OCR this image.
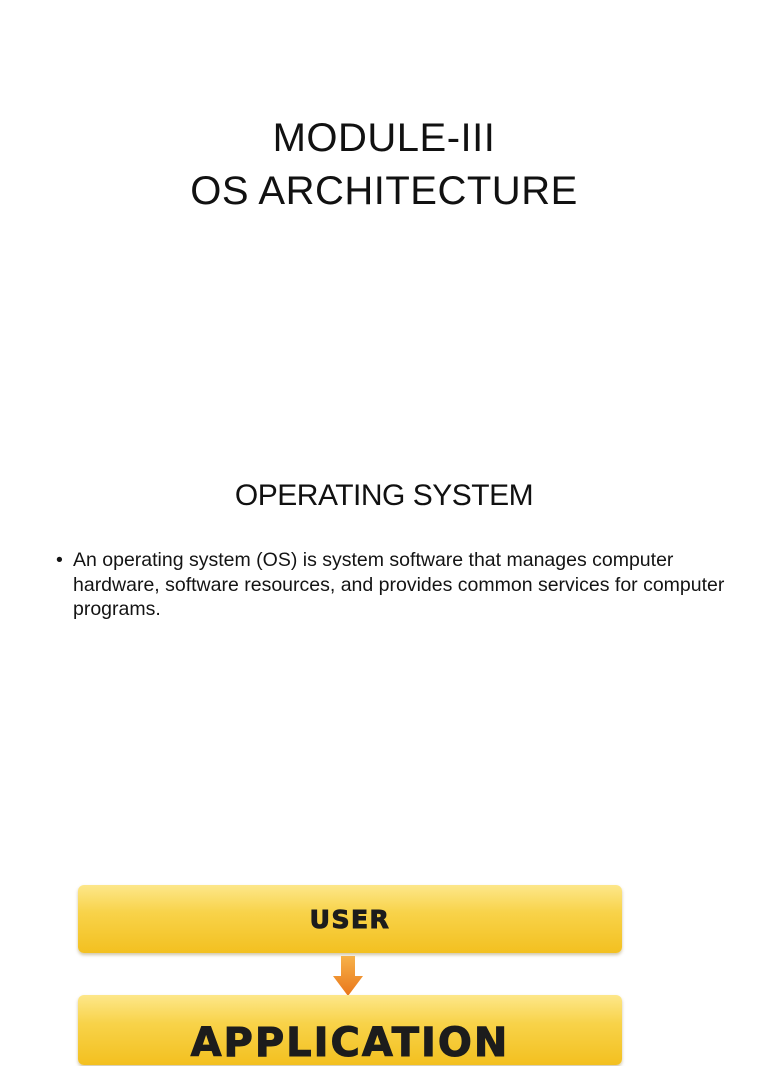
MODULE-III
OS ARCHITECTURE
OPERATING SYSTEM
• An operating system (OS) is system software that manages computer hardware, software resources, and provides common services for computer programs.
USER
APPLICATION
